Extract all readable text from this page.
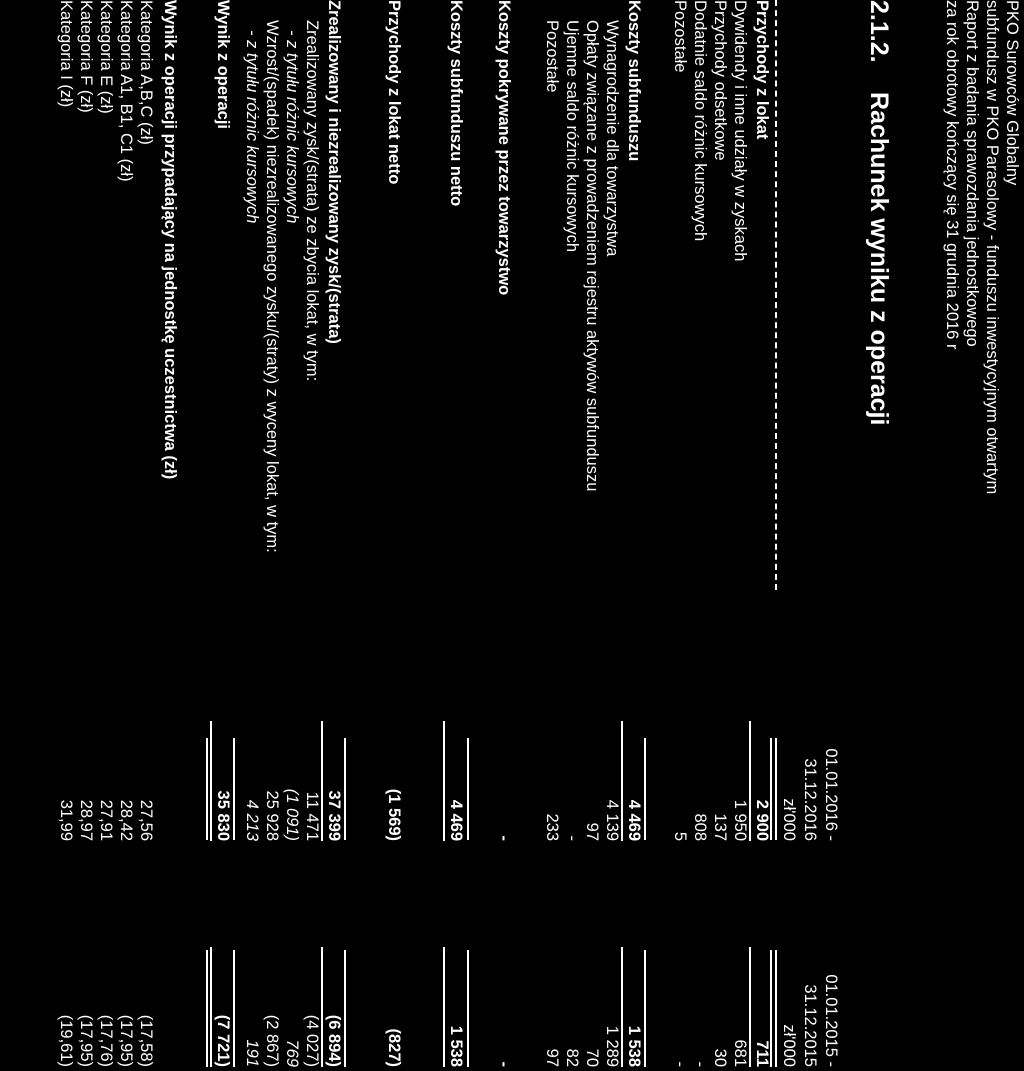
PKO Surowców Globalny
subfundusz w PKO Parasolowy - funduszu inwestycyjnym otwartym
Raport z badania sprawozdania jednostkowego
za rok obrotowy kończący się 31 grudnia 2016 r
2.1.2.Rachunek wyniku z operacji
01.01.2016 -
31.12.2016
zł'000
01.01.2015 -
31.12.2015
zł'000
Przychody z lokat
2 900
711
Dywidendy i inne udziały w zyskach
1 950
681
Przychody odsetkowe
137
30
Dodatnie saldo różnic kursowych
808
-
Pozostałe
5
-
Koszty subfunduszu
4 469
1 538
Wynagrodzenie dla towarzystwa
4 139
1 289
Opłaty związane z prowadzeniem rejestru aktywów subfunduszu
97
70
Ujemne saldo różnic kursowych
-
82
Pozostałe
233
97
Koszty pokrywane przez towarzystwo
-
-
Koszty subfunduszu netto
4 469
1 538
Przychody z lokat netto
(1 569)
(827)
Zrealizowany i niezrealizowany zysk/(strata)
37 399
(6 894)
Zrealizowany zysk/(strata) ze zbycia lokat, w tym:
11 471
(4 027)
- z tytułu różnic kursowych
(1 091)
769
Wzrost/(spadek) niezrealizowanego zysku/(straty) z wyceny lokat, w tym:
25 928
(2 867)
- z tytułu różnic kursowych
4 213
191
Wynik z operacji
35 830
(7 721)
Wynik z operacji przypadający na jednostkę uczestnictwa (zł)
Kategoria A,B,C (zł)
27,56
(17,58)
Kategoria A1, B1, C1 (zł)
28,42
(17,95)
Kategoria E (zł)
27,91
(17,76)
Kategoria F (zł)
28,97
(17,95)
Kategoria I (zł)
31,99
(19,61)
